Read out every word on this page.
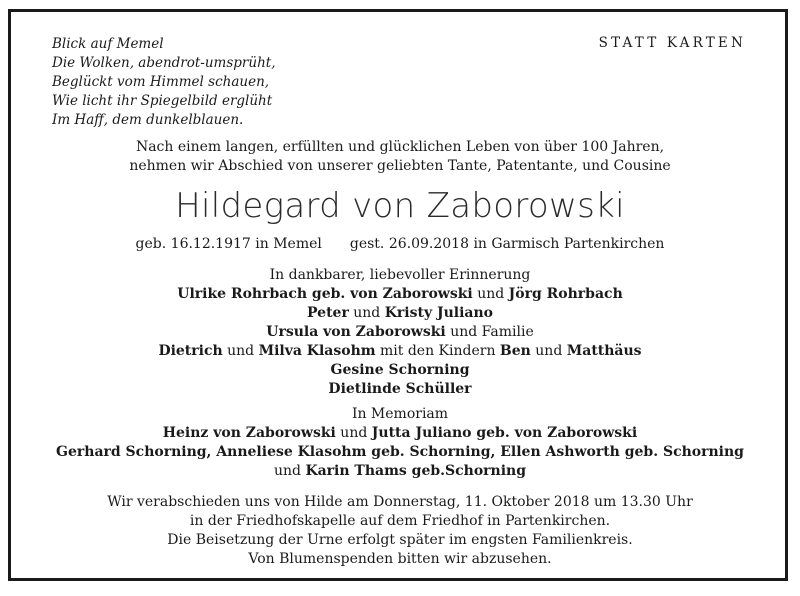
Blick auf Memel
Die Wolken, abendrot-umsprüht,
Beglückt vom Himmel schauen,
Wie licht ihr Spiegelbild erglüht
Im Haff, dem dunkelblauen.
STATT KARTEN
Nach einem langen, erfüllten und glücklichen Leben von über 100 Jahren,
nehmen wir Abschied von unserer geliebten Tante, Patentante, und Cousine
Hildegard von Zaborowski
geb. 16.12.1917 in Memel gest. 26.09.2018 in Garmisch Partenkirchen
In dankbarer, liebevoller Erinnerung
Ulrike Rohrbach geb. von Zaborowski und Jörg Rohrbach
Peter und Kristy Juliano
Ursula von Zaborowski und Familie
Dietrich und Milva Klasohm mit den Kindern Ben und Matthäus
Gesine Schorning
Dietlinde Schüller
In Memoriam
Heinz von Zaborowski und Jutta Juliano geb. von Zaborowski
Gerhard Schorning, Anneliese Klasohm geb. Schorning, Ellen Ashworth geb. Schorning
und Karin Thams geb.Schorning
Wir verabschieden uns von Hilde am Donnerstag, 11. Oktober 2018 um 13.30 Uhr
in der Friedhofskapelle auf dem Friedhof in Partenkirchen.
Die Beisetzung der Urne erfolgt später im engsten Familienkreis.
Von Blumenspenden bitten wir abzusehen.
